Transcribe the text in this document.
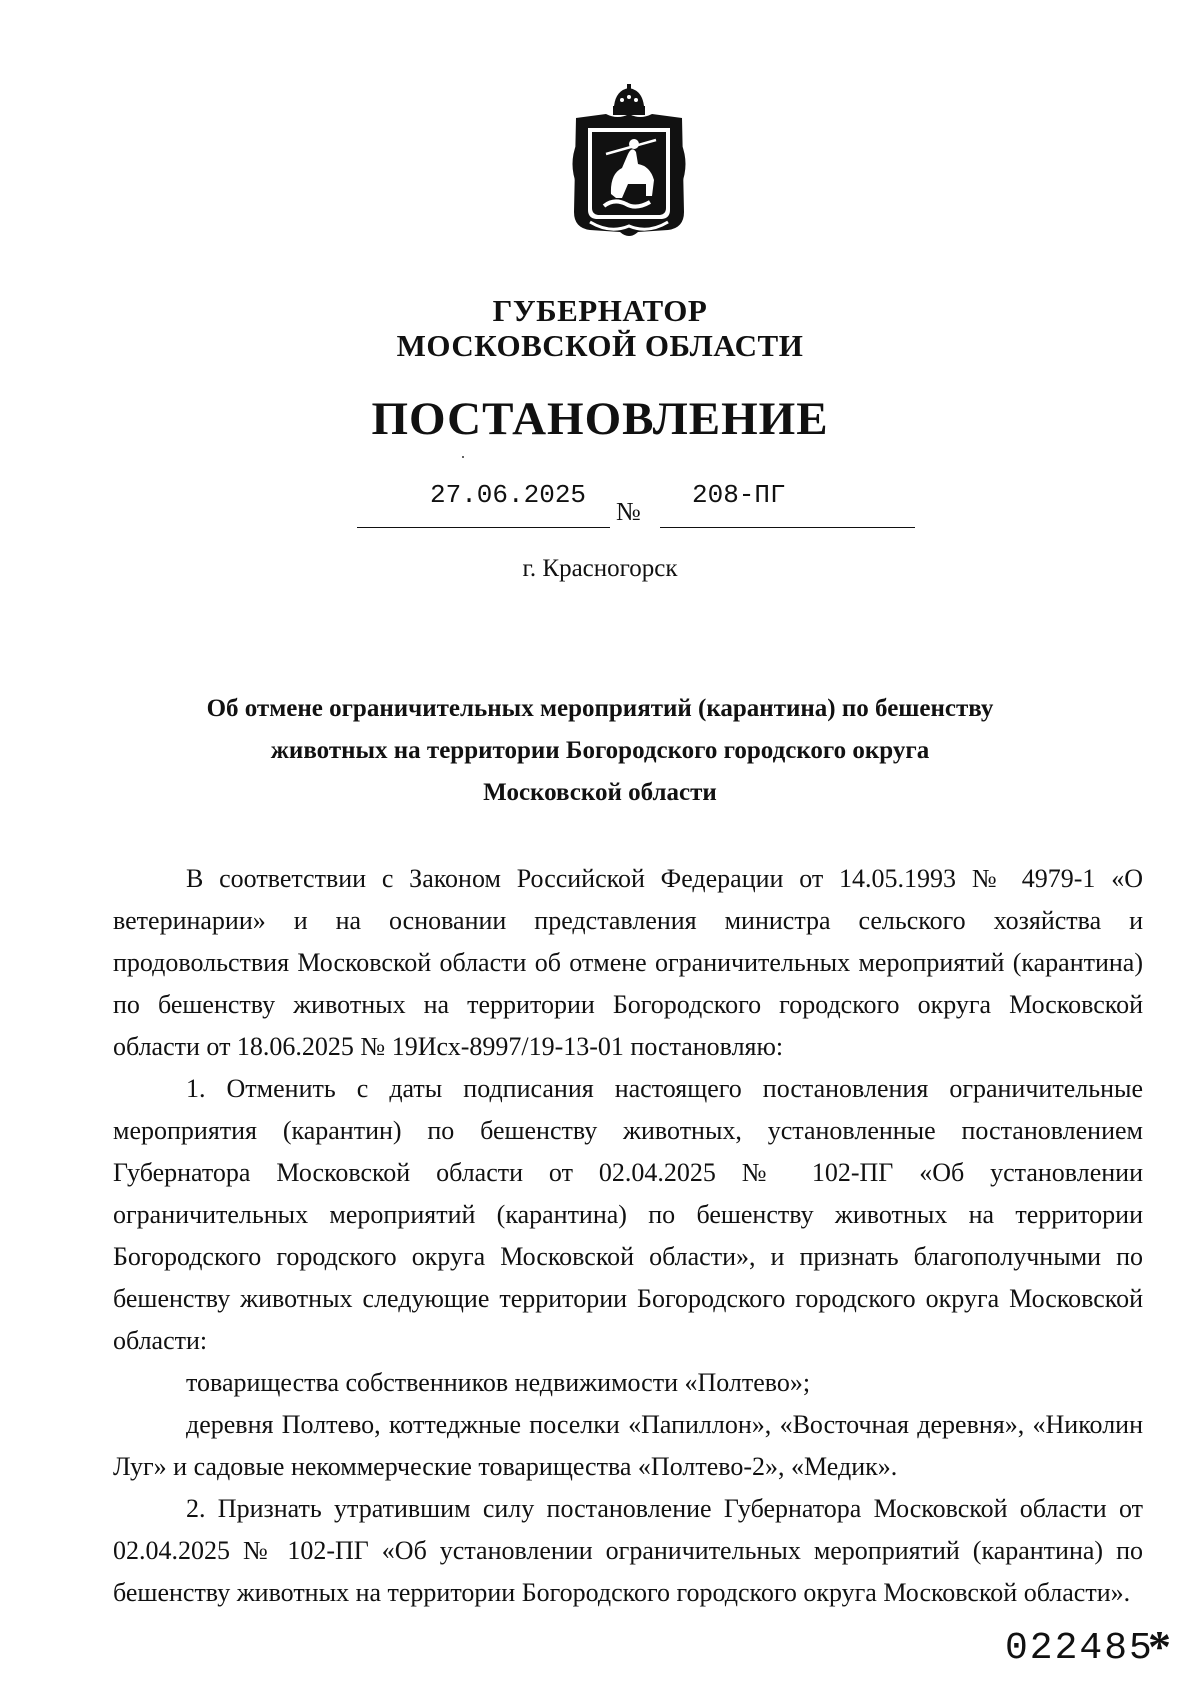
ГУБЕРНАТОР
МОСКОВСКОЙ ОБЛАСТИ
ПОСТАНОВЛЕНИЕ
27.06.2025
№
208-ПГ
г. Красногорск
Об отмене ограничительных мероприятий (карантина) по бешенству
животных на территории Богородского городского округа
Московской области

В соответствии с Законом Российской Федерации от 14.05.1993 № 4979-1 «О ветеринарии» и на основании представления министра сельского хозяйства и продовольствия Московской области об отмене ограничительных мероприятий (карантина) по бешенству животных на территории Богородского городского округа Московской области от 18.06.2025 № 19Исх-8997/19-13-01 постановляю:

1. Отменить с даты подписания настоящего постановления ограничительные мероприятия (карантин) по бешенству животных, установленные постановлением Губернатора Московской области от 02.04.2025 № 102-ПГ «Об установлении ограничительных мероприятий (карантина) по бешенству животных на территории Богородского городского округа Московской области», и признать благополучными по бешенству животных следующие территории Богородского городского округа Московской области:

товарищества собственников недвижимости «Полтево»;

деревня Полтево, коттеджные поселки «Папиллон», «Восточная деревня», «Николин Луг» и садовые некоммерческие товарищества «Полтево-2», «Медик».

2. Признать утратившим силу постановление Губернатора Московской области от 02.04.2025 № 102-ПГ «Об установлении ограничительных мероприятий (карантина) по бешенству животных на территории Богородского городского округа Московской области».

022485
*
